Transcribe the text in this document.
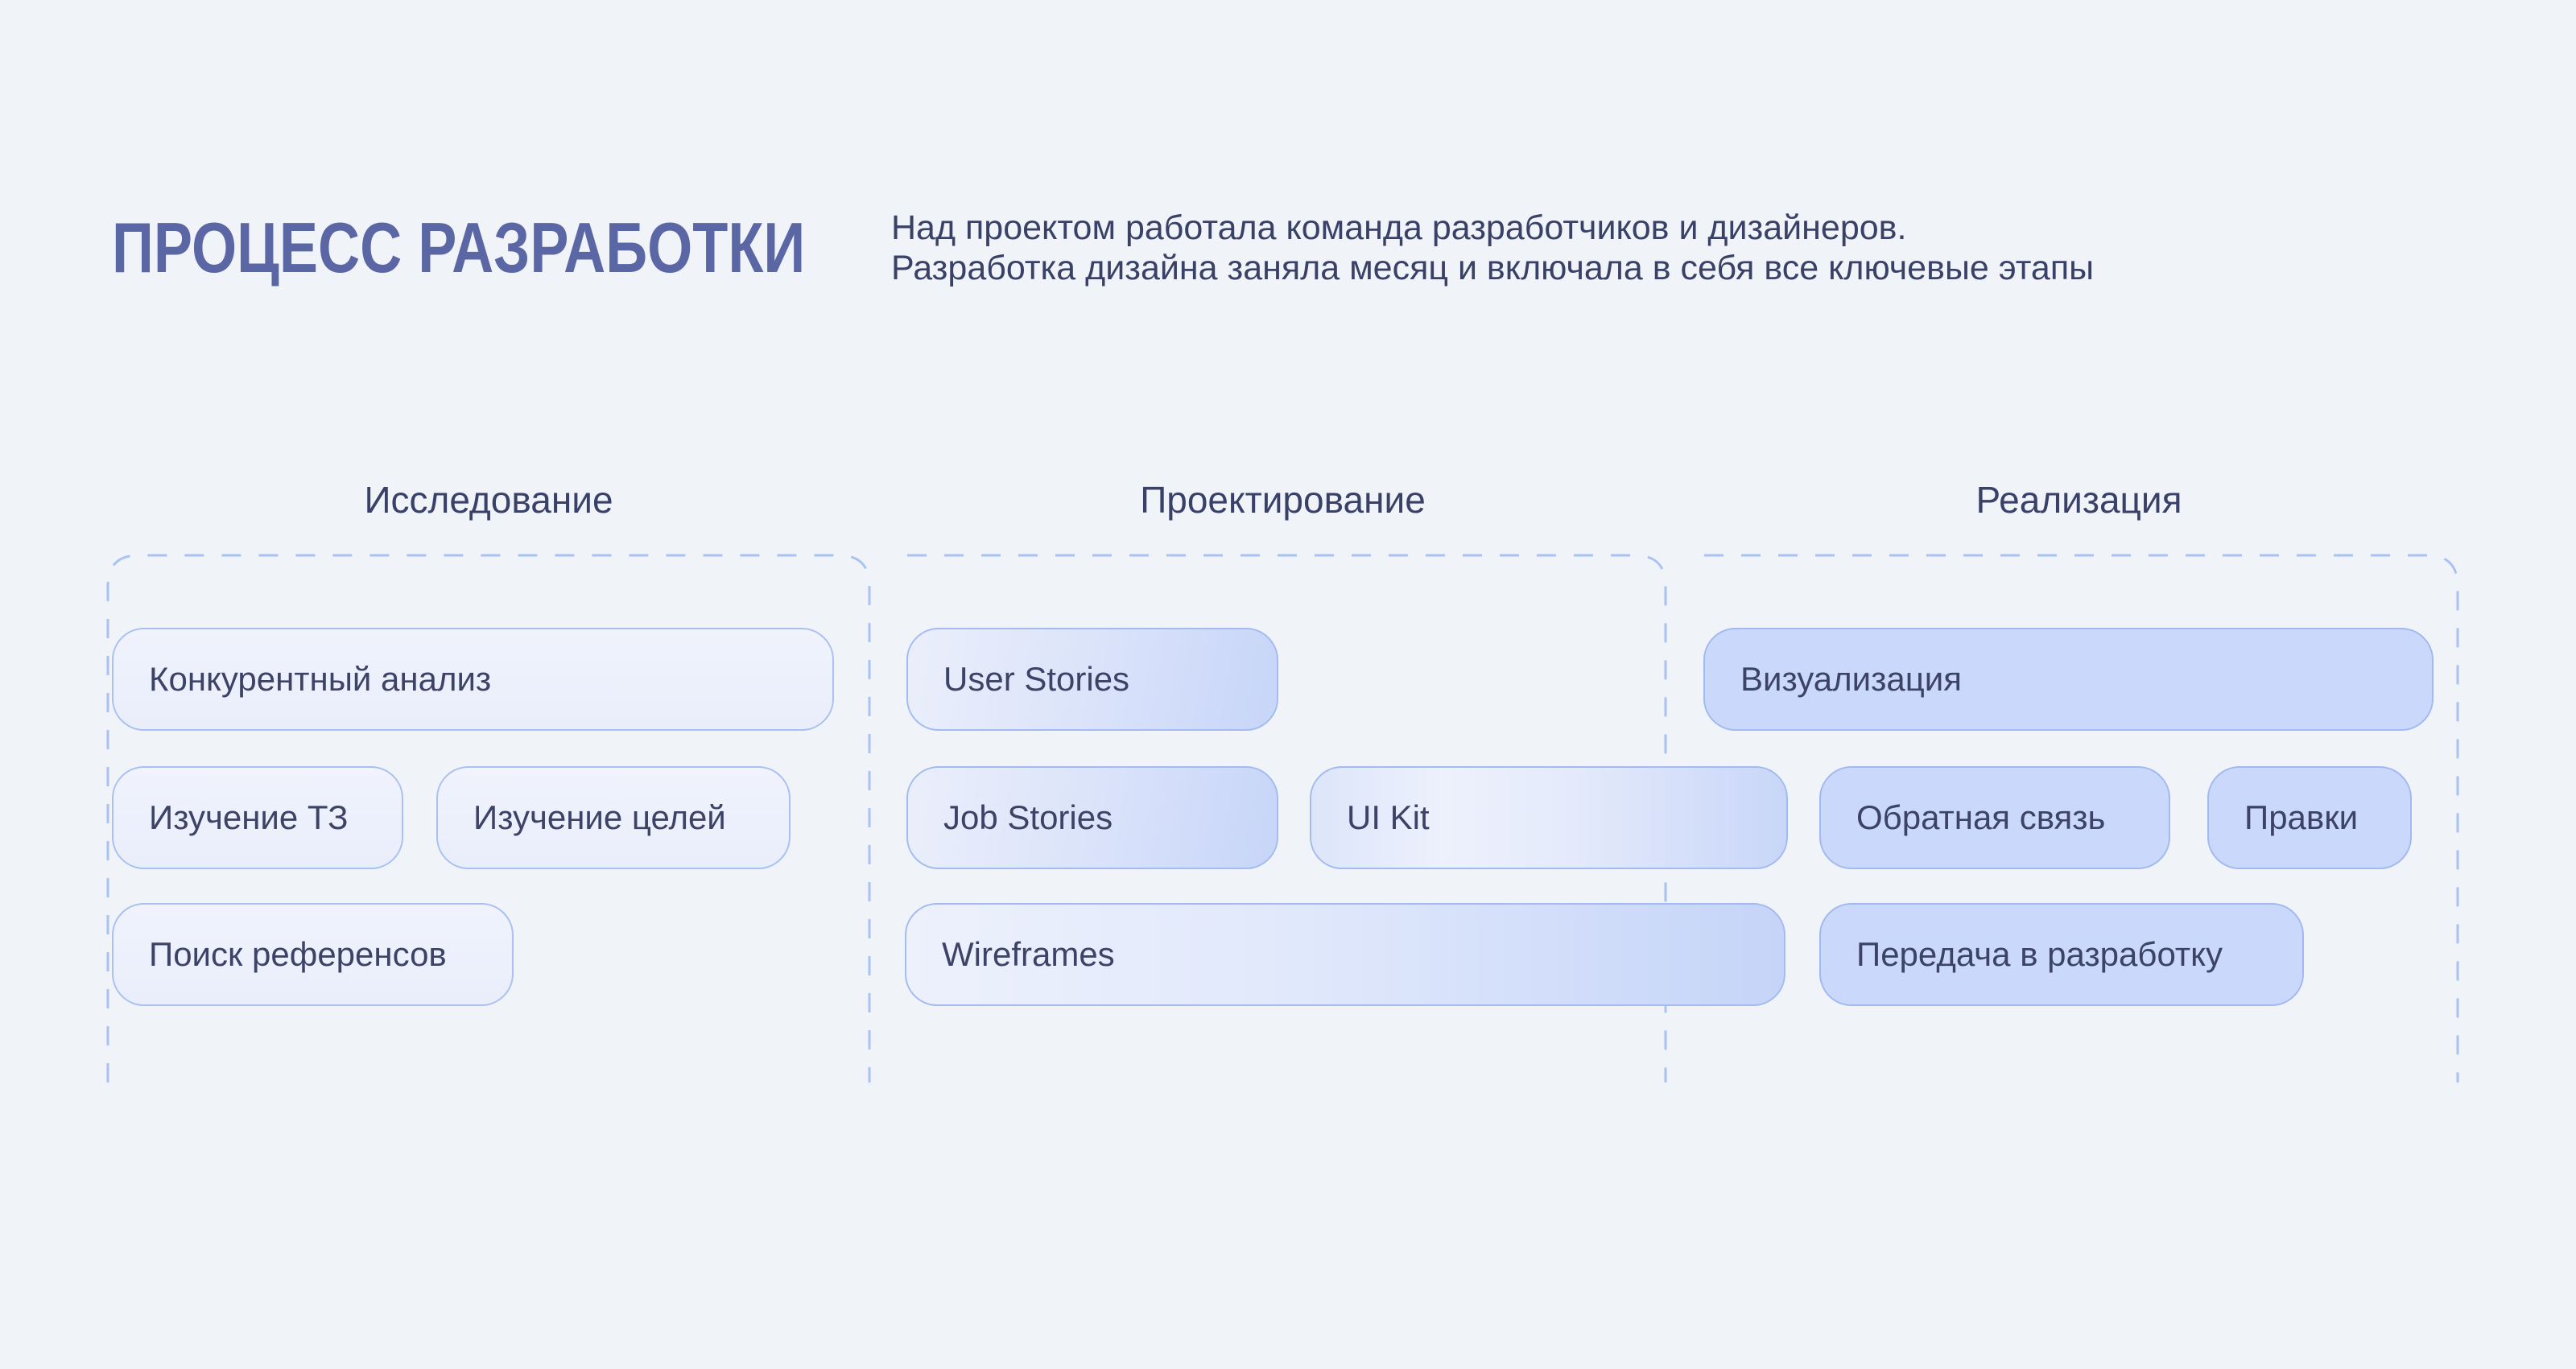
ПРОЦЕСС РАЗРАБОТКИ Над проектом работала команда разработчиков и дизайнеров.
Разработка дизайна заняла месяц и включала в себя все ключевые этапы
Исследование	Проектирование	Реализация
Конкурентный анализ
Изучение ТЗ	Изучение целей
Поиск референсов
User Stories
Job Stories	UI Kit
Wireframes
Визуализация
Обратная связь	Правки
Передача в разработку
